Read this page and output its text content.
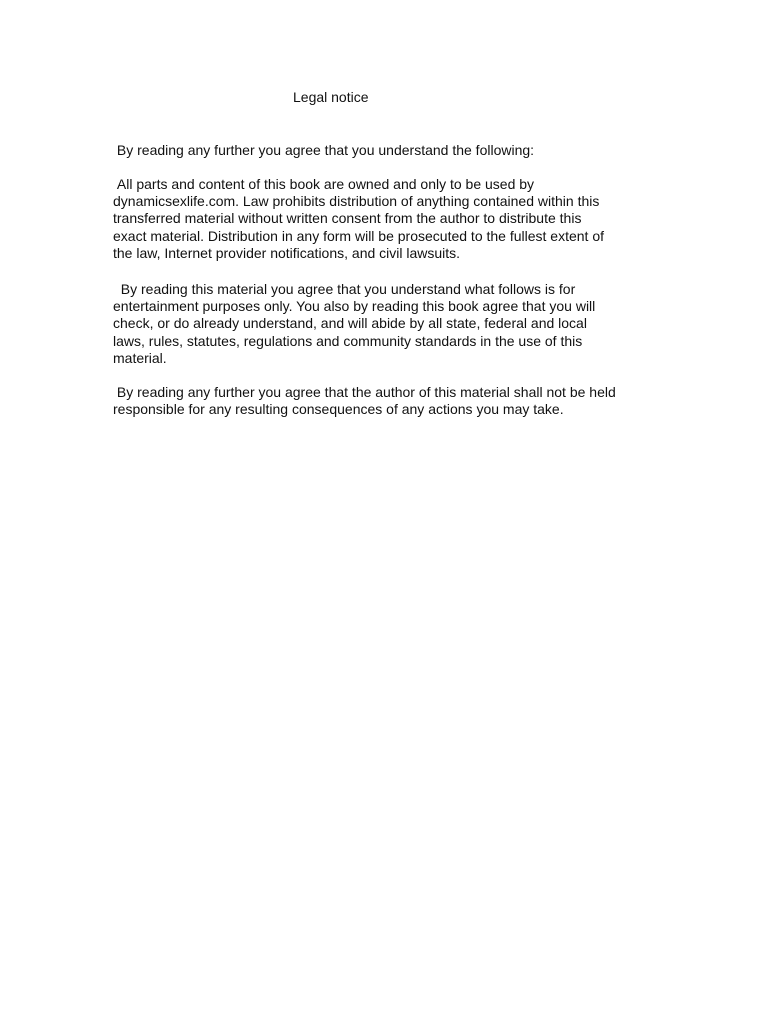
Legal notice

By reading any further you agree that you understand the following:

All parts and content of this book are owned and only to be used by
dynamicsexlife.com. Law prohibits distribution of anything contained within this
transferred material without written consent from the author to distribute this
exact material. Distribution in any form will be prosecuted to the fullest extent of
the law, Internet provider notifications, and civil lawsuits.

By reading this material you agree that you understand what follows is for
entertainment purposes only. You also by reading this book agree that you will
check, or do already understand, and will abide by all state, federal and local
laws, rules, statutes, regulations and community standards in the use of this
material.

By reading any further you agree that the author of this material shall not be held
responsible for any resulting consequences of any actions you may take.
